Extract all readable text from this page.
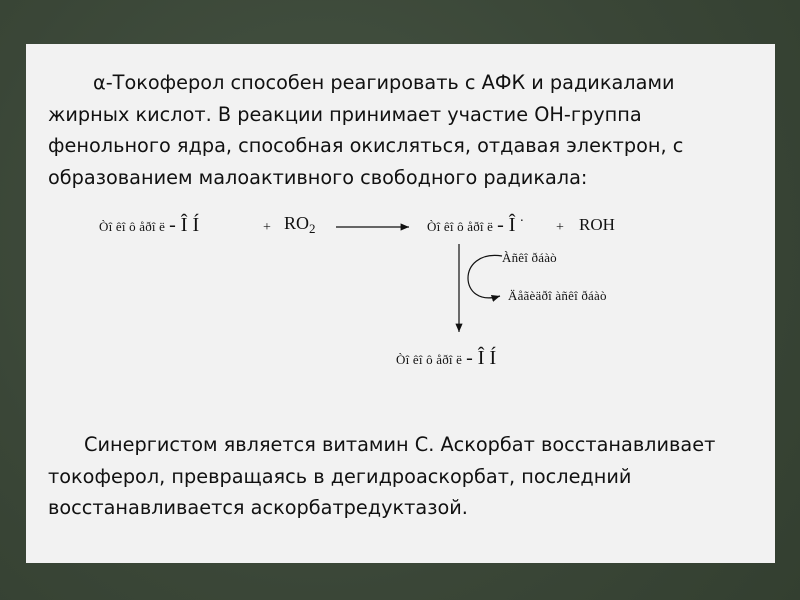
α-Токоферол способен реагировать с АФК и радикалами
жирных кислот. В реакции принимает участие ОН-группа
фенольного ядра, способная окисляться, отдавая электрон, с
образованием малоактивного свободного радикала:
Òî êî ô åðî ë - Î Í	+ $RO_2$	Òî êî ô åðî ë - Î · + ROH
Àñêî ðáàò
Äåãèäðî àñêî ðáàò
Òî êî ô åðî ë - Î Í
Синергистом является витамин С. Аскорбат восстанавливает
токоферол, превращаясь в дегидроаскорбат, последний
восстанавливается аскорбатредуктазой.
